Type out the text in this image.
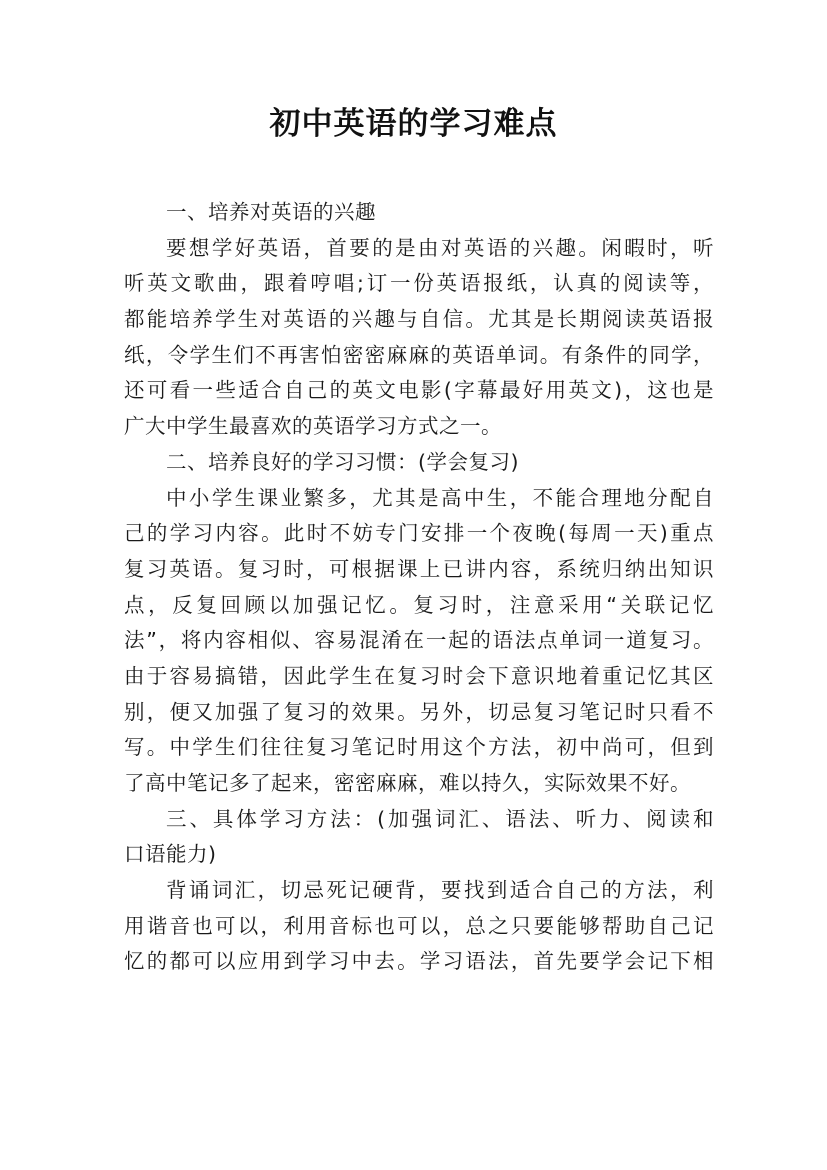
初中英语的学习难点
一、培养对英语的兴趣
要想学好英语，首要的是由对英语的兴趣。闲暇时，听
听英文歌曲，跟着哼唱;订一份英语报纸，认真的阅读等，
都能培养学生对英语的兴趣与自信。尤其是长期阅读英语报
纸，令学生们不再害怕密密麻麻的英语单词。有条件的同学，
还可看一些适合自己的英文电影(字幕最好用英文)，这也是
广大中学生最喜欢的英语学习方式之一。
二、培养良好的学习习惯：(学会复习)
中小学生课业繁多，尤其是高中生，不能合理地分配自
己的学习内容。此时不妨专门安排一个夜晚(每周一天)重点
复习英语。复习时，可根据课上已讲内容，系统归纳出知识
点，反复回顾以加强记忆。复习时，注意采用“关联记忆
法”，将内容相似、容易混淆在一起的语法点单词一道复习。
由于容易搞错，因此学生在复习时会下意识地着重记忆其区
别，便又加强了复习的效果。另外，切忌复习笔记时只看不
写。中学生们往往复习笔记时用这个方法，初中尚可，但到
了高中笔记多了起来，密密麻麻，难以持久，实际效果不好。
三、具体学习方法：(加强词汇、语法、听力、阅读和
口语能力)
背诵词汇，切忌死记硬背，要找到适合自己的方法，利
用谐音也可以，利用音标也可以，总之只要能够帮助自己记
忆的都可以应用到学习中去。学习语法，首先要学会记下相
